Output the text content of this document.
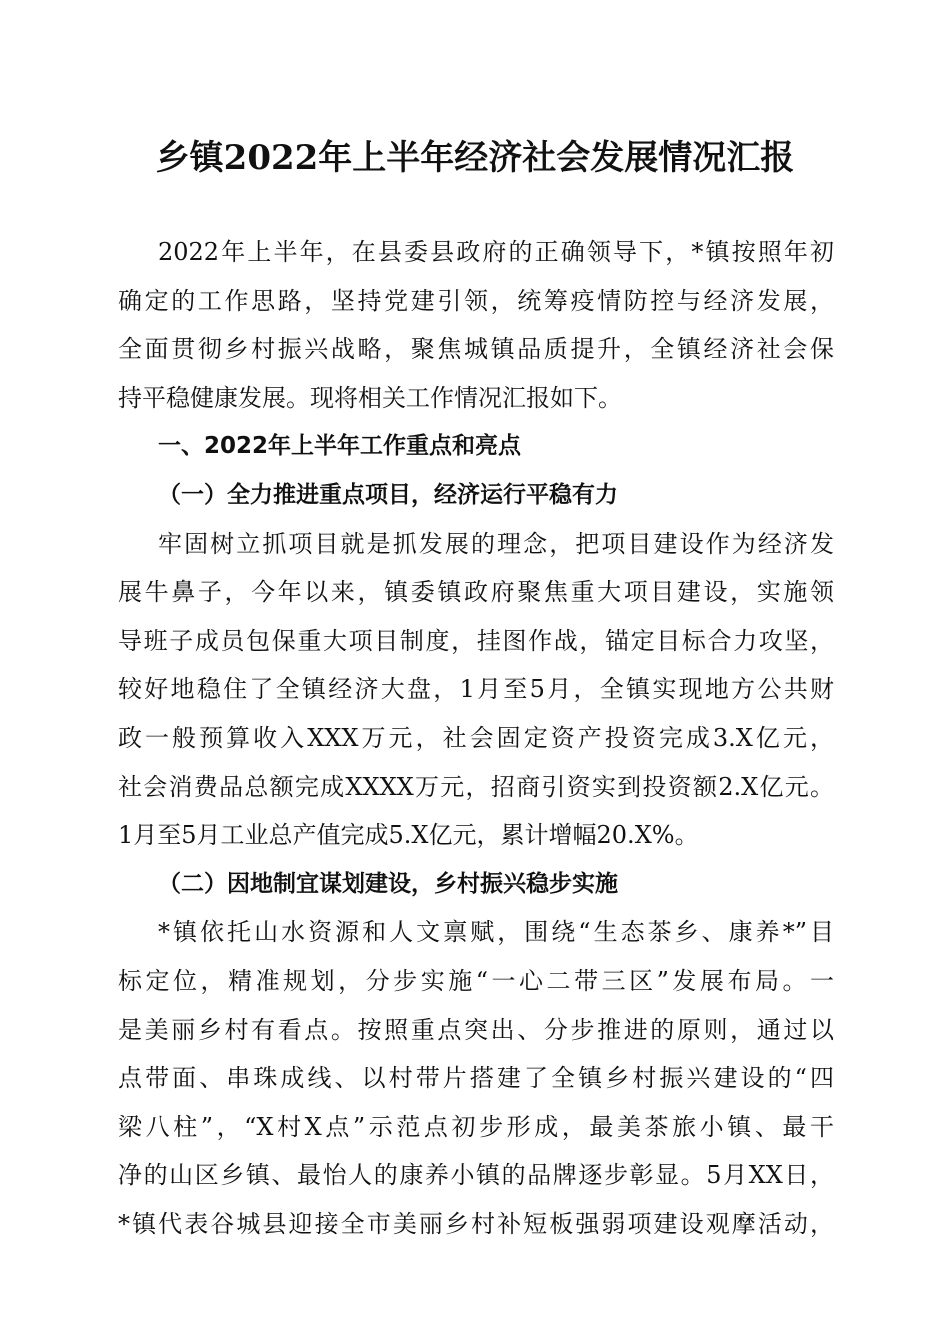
乡镇2022年上半年经济社会发展情况汇报
2022年上半年，在县委县政府的正确领导下，*镇按照年初
确定的工作思路，坚持党建引领，统筹疫情防控与经济发展，
全面贯彻乡村振兴战略，聚焦城镇品质提升，全镇经济社会保
持平稳健康发展。现将相关工作情况汇报如下。
一、2022年上半年工作重点和亮点
（一）全力推进重点项目，经济运行平稳有力
牢固树立抓项目就是抓发展的理念，把项目建设作为经济发
展牛鼻子，今年以来，镇委镇政府聚焦重大项目建设，实施领
导班子成员包保重大项目制度，挂图作战，锚定目标合力攻坚，
较好地稳住了全镇经济大盘，1月至5月，全镇实现地方公共财
政一般预算收入XXX万元，社会固定资产投资完成3.X亿元，
社会消费品总额完成XXXX万元，招商引资实到投资额2.X亿元。
1月至5月工业总产值完成5.X亿元，累计增幅20.X%。
（二）因地制宜谋划建设，乡村振兴稳步实施
*镇依托山水资源和人文禀赋，围绕“生态茶乡、康养*”目
标定位，精准规划，分步实施“一心二带三区”发展布局。一
是美丽乡村有看点。按照重点突出、分步推进的原则，通过以
点带面、串珠成线、以村带片搭建了全镇乡村振兴建设的“四
梁八柱”，“X村X点”示范点初步形成，最美茶旅小镇、最干
净的山区乡镇、最怡人的康养小镇的品牌逐步彰显。5月XX日，
*镇代表谷城县迎接全市美丽乡村补短板强弱项建设观摩活动，
